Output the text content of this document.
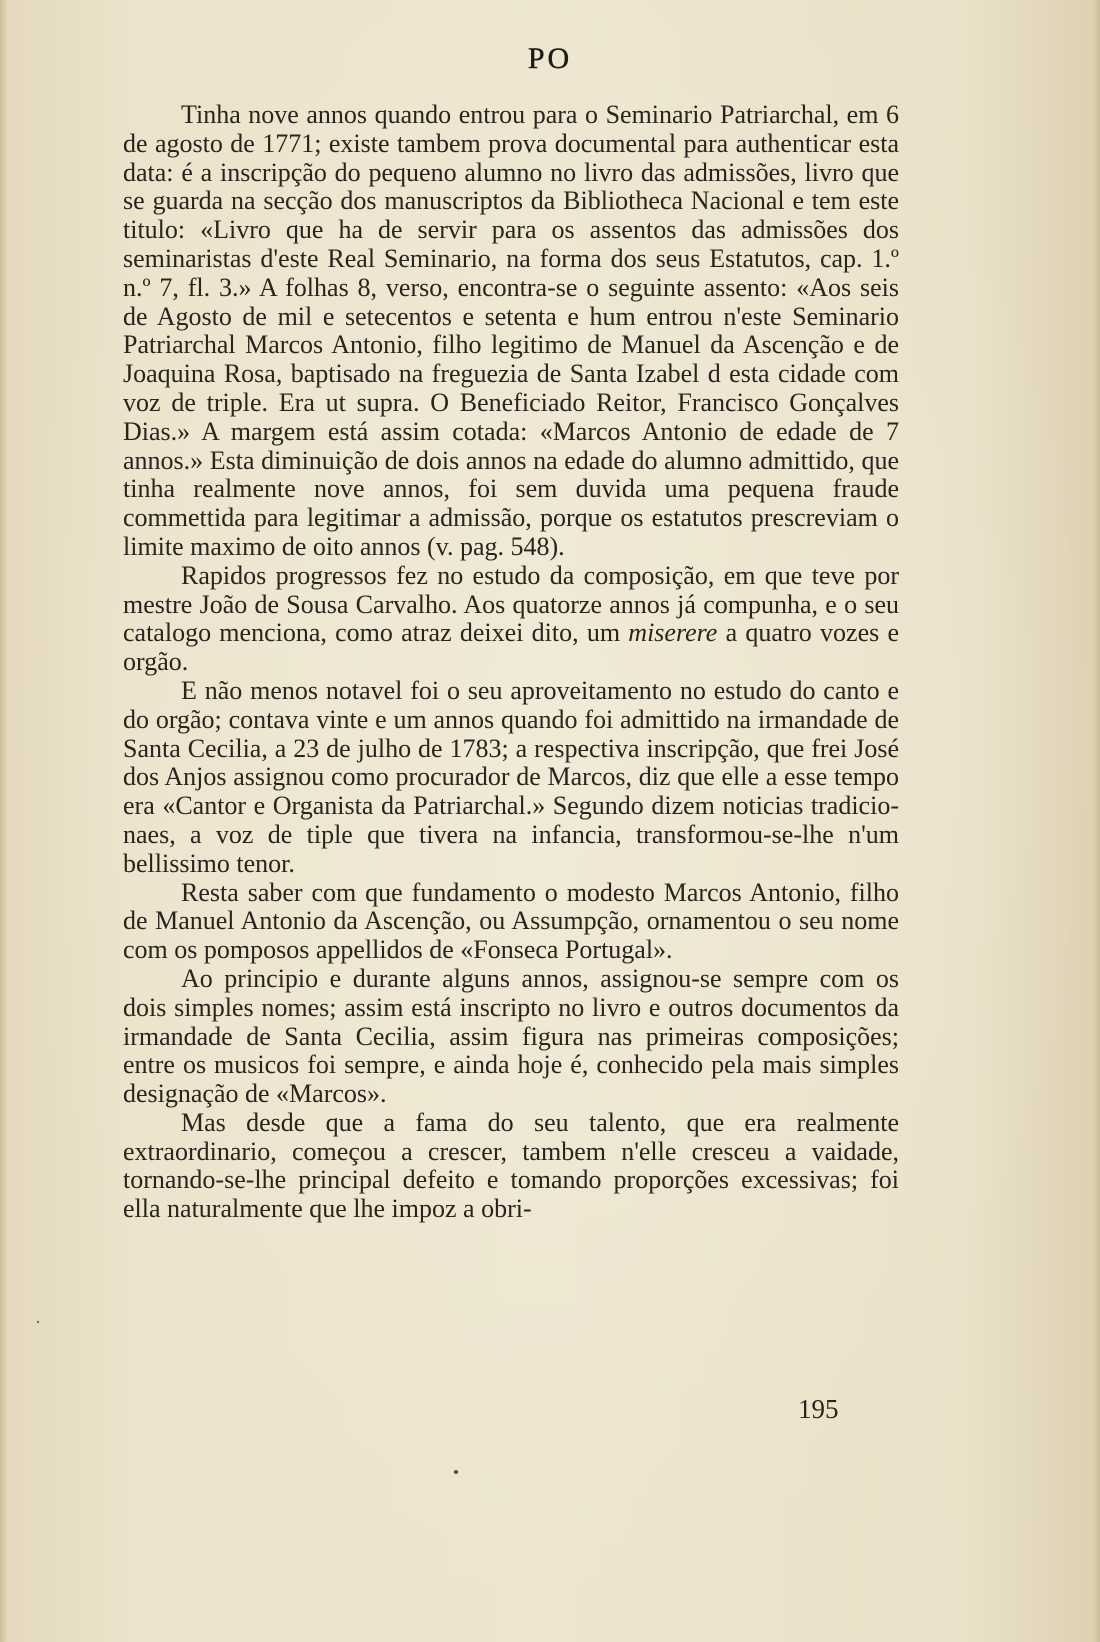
PO

Tinha nove annos quando entrou para o Seminario Patriarchal, em 6 de agosto de 1771; existe tambem prova documental para authenticar esta data: é a inscripção do pequeno alumno no livro das admissões, livro que se guarda na secção dos manuscriptos da Bibliotheca Nacional e tem este titulo: «Livro que ha de servir para os assentos das admissões dos seminaristas d'este Real Seminario, na forma dos seus Estatutos, cap. 1.º n.º 7, fl. 3.» A folhas 8, verso, encontra-se o seguinte assento: «Aos seis de Agosto de mil e setecentos e setenta e hum entrou n'este Seminario Patriarchal Marcos Antonio, filho legitimo de Manuel da Ascenção e de Joaquina Rosa, baptisado na freguezia de Santa Izabel d esta cidade com voz de triple. Era ut supra. O Beneficiado Reitor, Francisco Gonçalves Dias.» A margem está assim cotada: «Marcos Antonio de edade de 7 annos.» Esta diminuição de dois annos na edade do alumno admittido, que tinha realmente nove annos, foi sem duvida uma pequena fraude commettida para legitimar a admissão, porque os estatutos prescreviam o limite maximo de oito annos (v. pag. 548).

Rapidos progressos fez no estudo da composição, em que teve por mestre João de Sousa Carvalho. Aos quatorze annos já compunha, e o seu catalogo menciona, como atraz deixei dito, um miserere a quatro vozes e orgão.

E não menos notavel foi o seu aproveitamento no estudo do canto e do orgão; contava vinte e um annos quando foi admittido na irmandade de Santa Cecilia, a 23 de julho de 1783; a respectiva inscripção, que frei José dos Anjos assignou como procurador de Marcos, diz que elle a esse tempo era «Cantor e Organista da Patriarchal.» Segundo dizem noticias tradicionaes, a voz de tiple que tivera na infancia, transformou-se-lhe n'um bellissimo tenor.

Resta saber com que fundamento o modesto Marcos Antonio, filho de Manuel Antonio da Ascenção, ou Assumpção, ornamentou o seu nome com os pomposos appellidos de «Fonseca Portugal».

Ao principio e durante alguns annos, assignou-se sempre com os dois simples nomes; assim está inscripto no livro e outros documentos da irmandade de Santa Cecilia, assim figura nas primeiras composições; entre os musicos foi sempre, e ainda hoje é, conhecido pela mais simples designação de «Marcos».

Mas desde que a fama do seu talento, que era realmente extraordinario, começou a crescer, tambem n'elle cresceu a vaidade, tornando-se-lhe principal defeito e tomando proporções excessivas; foi ella naturalmente que lhe impoz a obri-

195
